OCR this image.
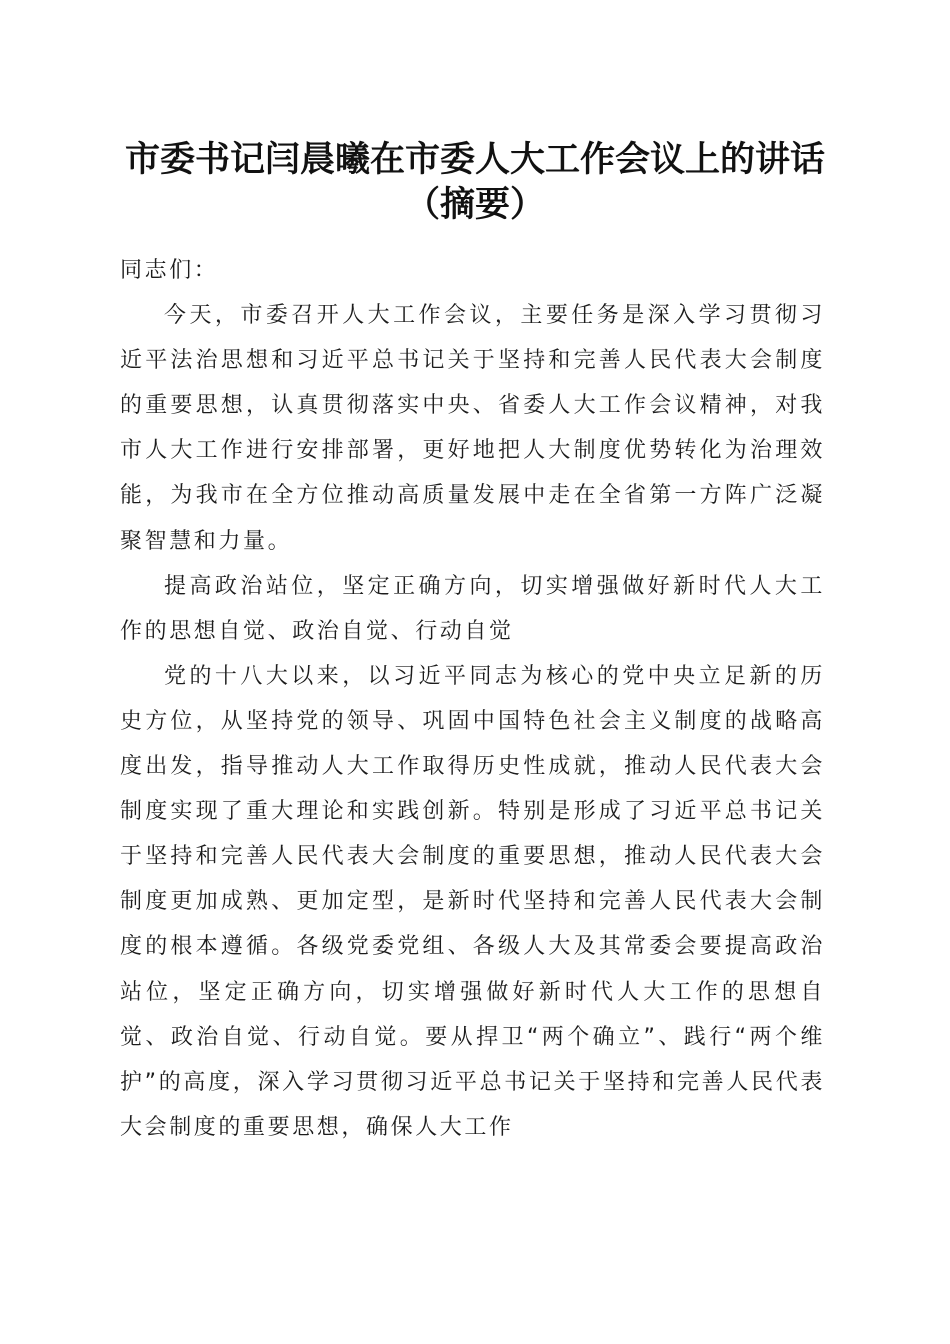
市委书记闫晨曦在市委人大工作会议上的讲话
（摘要）

同志们：

今天，市委召开人大工作会议，主要任务是深入学习贯彻习近平法治思想和习近平总书记关于坚持和完善人民代表大会制度的重要思想，认真贯彻落实中央、省委人大工作会议精神，对我市人大工作进行安排部署，更好地把人大制度优势转化为治理效能，为我市在全方位推动高质量发展中走在全省第一方阵广泛凝聚智慧和力量。

提高政治站位，坚定正确方向，切实增强做好新时代人大工作的思想自觉、政治自觉、行动自觉

党的十八大以来，以习近平同志为核心的党中央立足新的历史方位，从坚持党的领导、巩固中国特色社会主义制度的战略高度出发，指导推动人大工作取得历史性成就，推动人民代表大会制度实现了重大理论和实践创新。特别是形成了习近平总书记关于坚持和完善人民代表大会制度的重要思想，推动人民代表大会制度更加成熟、更加定型，是新时代坚持和完善人民代表大会制度的根本遵循。各级党委党组、各级人大及其常委会要提高政治站位，坚定正确方向，切实增强做好新时代人大工作的思想自觉、政治自觉、行动自觉。要从捍卫“两个确立”、践行“两个维护”的高度，深入学习贯彻习近平总书记关于坚持和完善人民代表大会制度的重要思想，确保人大工作
